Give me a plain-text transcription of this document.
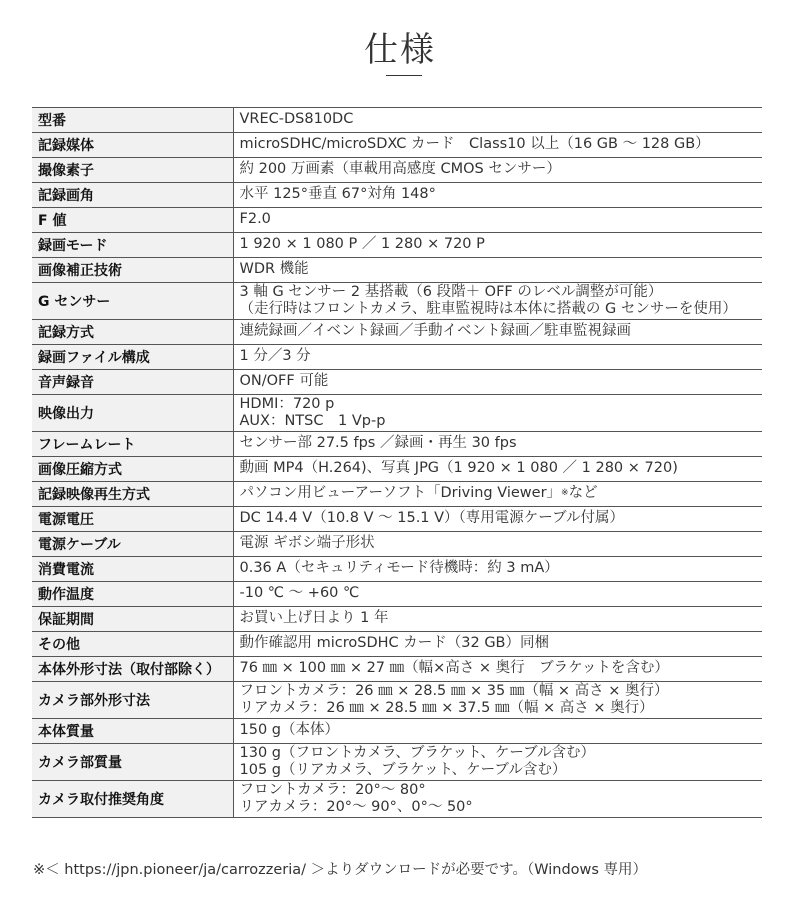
仕様
型番	VREC-DS810DC

記録媒体	microSDHC/microSDXC カード　Class10 以上（16 GB ～ 128 GB）

撮像素子	約 200 万画素（車載用高感度 CMOS センサー）

記録画角	水平 125°垂直 67°対角 148°

F 値	F2.0

録画モード	1 920 × 1 080 P ／ 1 280 × 720 P

画像補正技術	WDR 機能

G センサー	3 軸 G センサー 2 基搭載（6 段階＋ OFF のレベル調整が可能）
（走行時はフロントカメラ、駐車監視時は本体に搭載の G センサーを使用）

記録方式	連続録画／イベント録画／手動イベント録画／駐車監視録画

録画ファイル構成	1 分／3 分

音声録音	ON/OFF 可能

映像出力	HDMI：720 p
AUX：NTSC　1 Vp-p

フレームレート	センサー部 27.5 fps ／録画・再生 30 fps

画像圧縮方式	動画 MP4（H.264)、写真 JPG（1 920 × 1 080 ／ 1 280 × 720)

記録映像再生方式	パソコン用ビューアーソフト「Driving Viewer」※など

電源電圧	DC 14.4 V（10.8 V ～ 15.1 V）（専用電源ケーブル付属）

電源ケーブル	電源 ギボシ端子形状

消費電流	0.36 A（セキュリティモード待機時：約 3 mA）

動作温度	-10 ℃ ～ +60 ℃

保証期間	お買い上げ日より 1 年

その他	動作確認用 microSDHC カード（32 GB）同梱

本体外形寸法（取付部除く）	76 ㎜ × 100 ㎜ × 27 ㎜（幅×高さ × 奥行　ブラケットを含む）

カメラ部外形寸法	フロントカメラ：26 ㎜ × 28.5 ㎜ × 35 ㎜（幅 × 高さ × 奥行）
リアカメラ：26 ㎜ × 28.5 ㎜ × 37.5 ㎜（幅 × 高さ × 奥行）

本体質量	150 g（本体）

カメラ部質量	130 g（フロントカメラ、ブラケット、ケーブル含む）
105 g（リアカメラ、ブラケット、ケーブル含む）

カメラ取付推奨角度	フロントカメラ：20°～ 80°
リアカメラ：20°～ 90°、0°～ 50°
※＜ https://jpn.pioneer/ja/carrozzeria/ ＞よりダウンロードが必要です。（Windows 専用）
